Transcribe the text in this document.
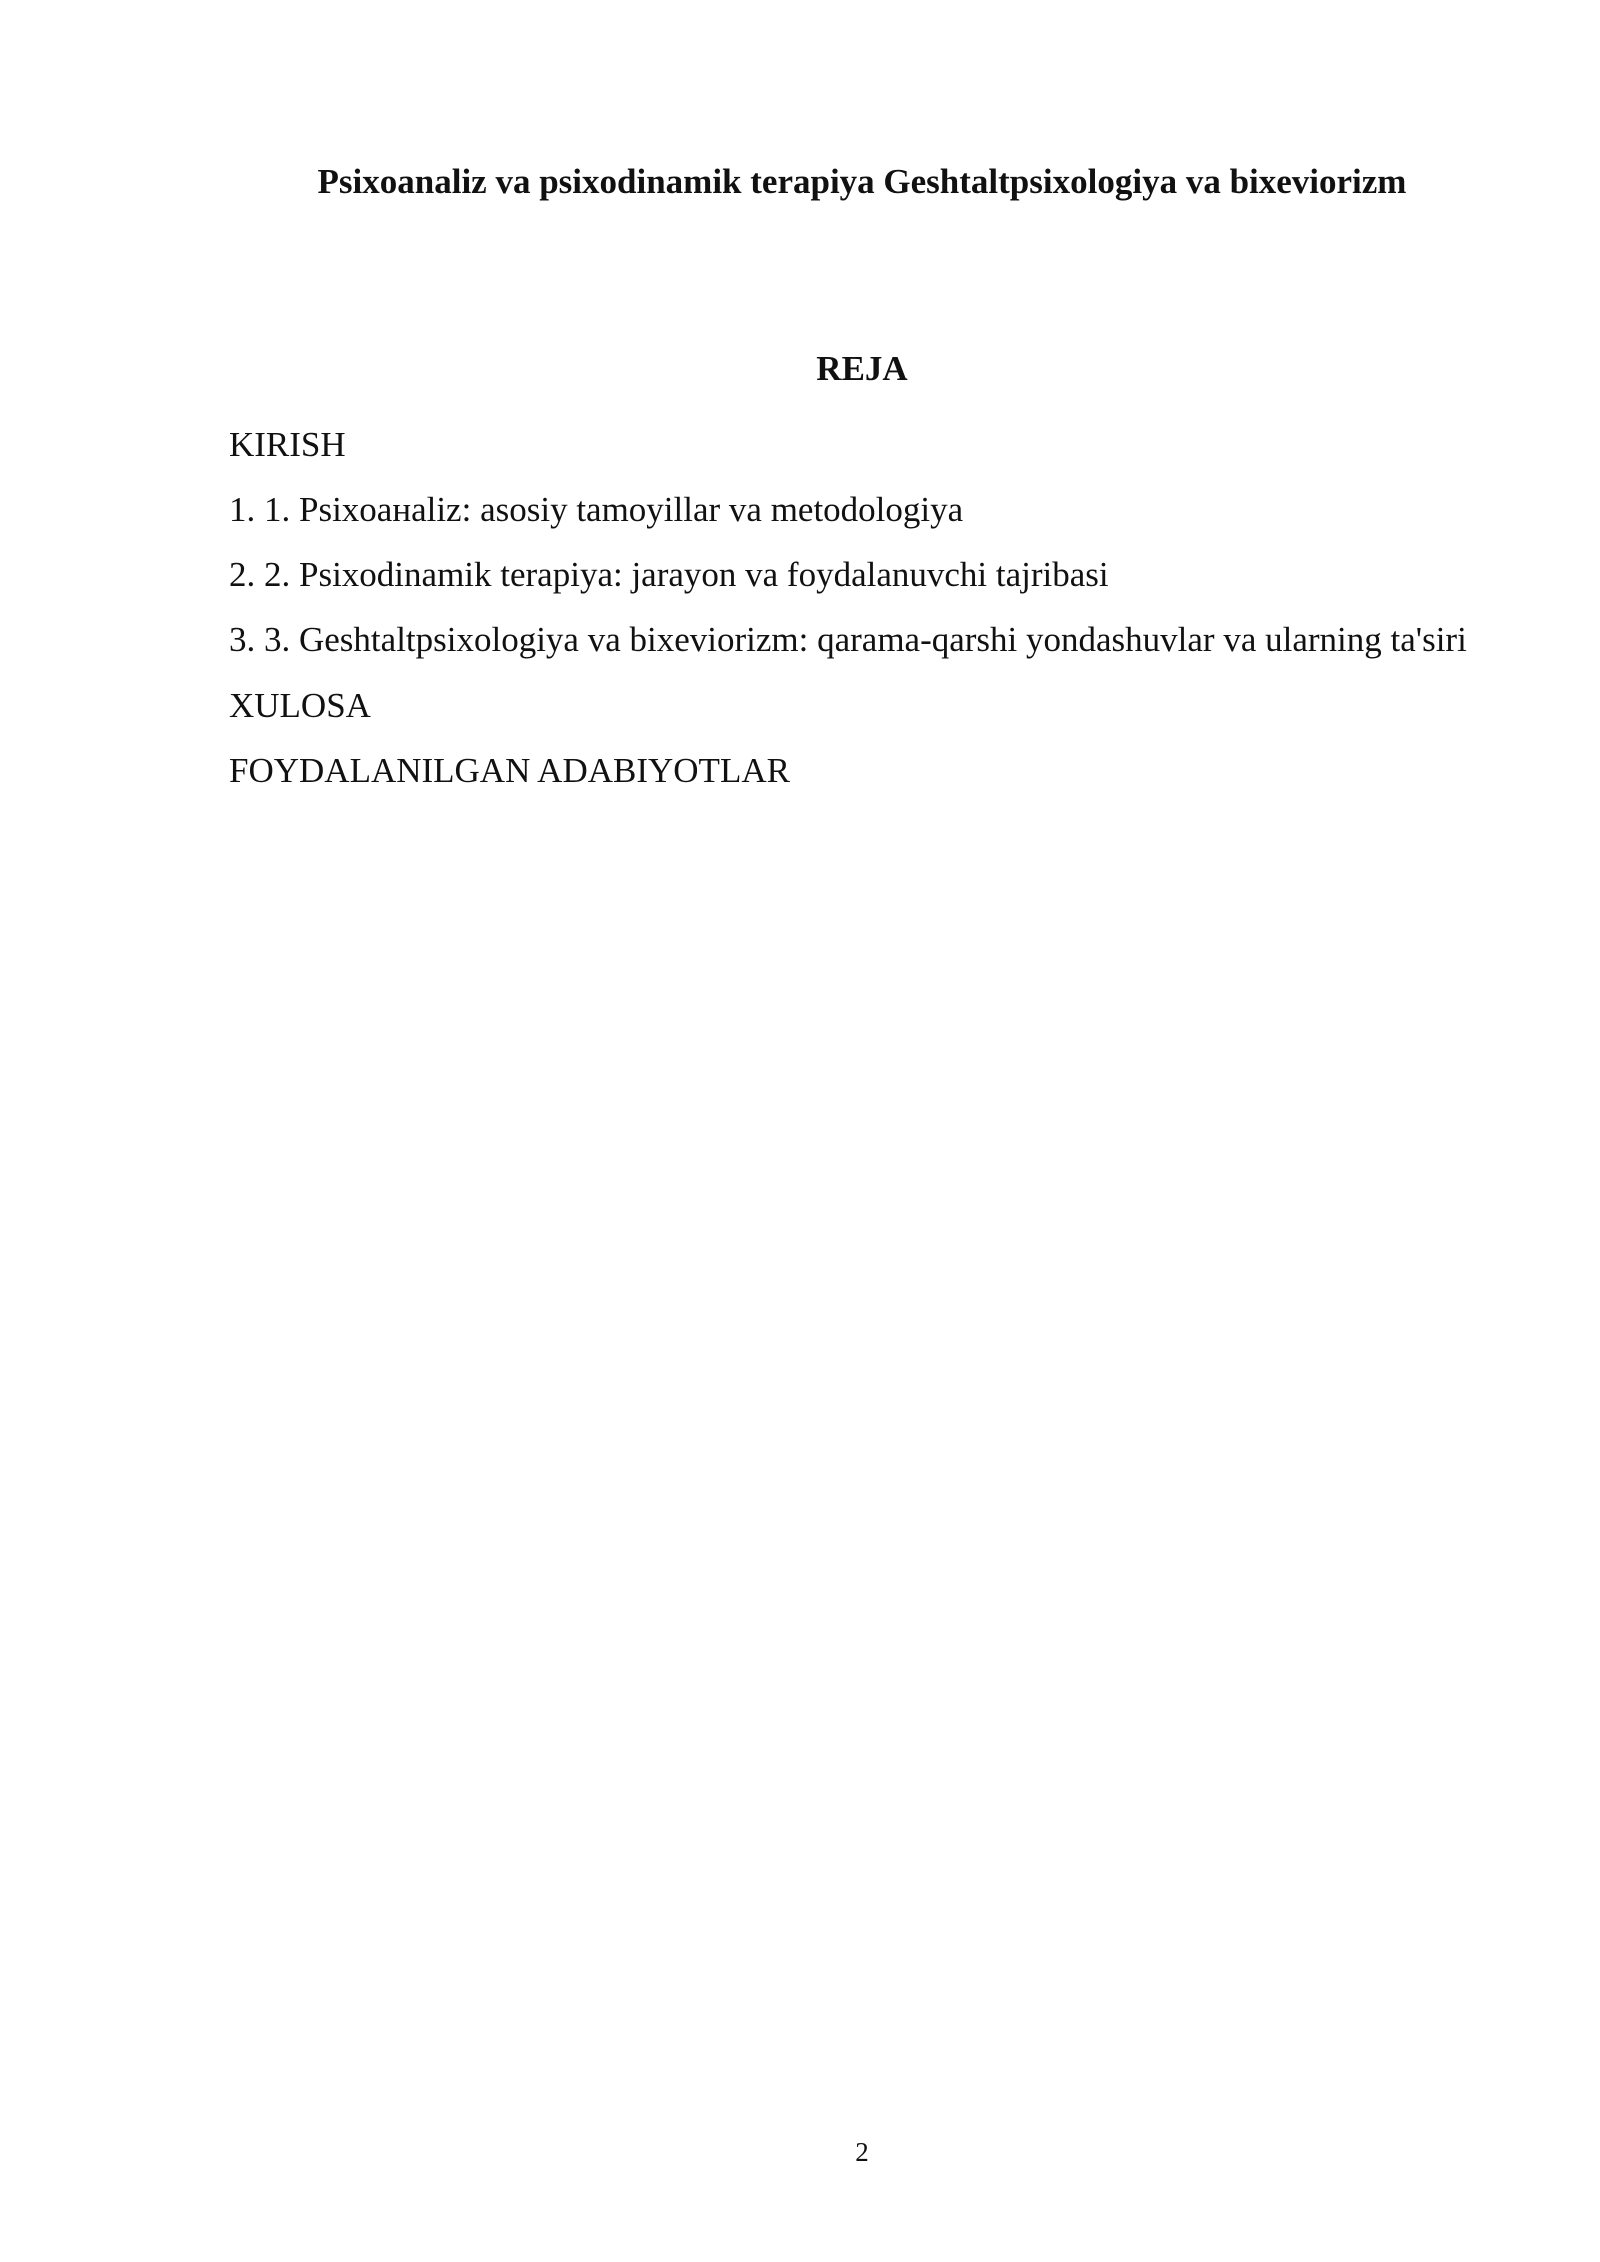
Psixoanaliz va psixodinamik terapiya Geshtaltpsixologiya va bixeviorizm
REJA
KIRISH
1. 1. Psixoанaliz: asosiy tamoyillar va metodologiya
2. 2. Psixodinamik terapiya: jarayon va foydalanuvchi tajribasi
3. 3. Geshtaltpsixologiya va bixeviorizm: qarama-qarshi yondashuvlar va ularning ta'siri
XULOSA
FOYDALANILGAN ADABIYOTLAR
2
